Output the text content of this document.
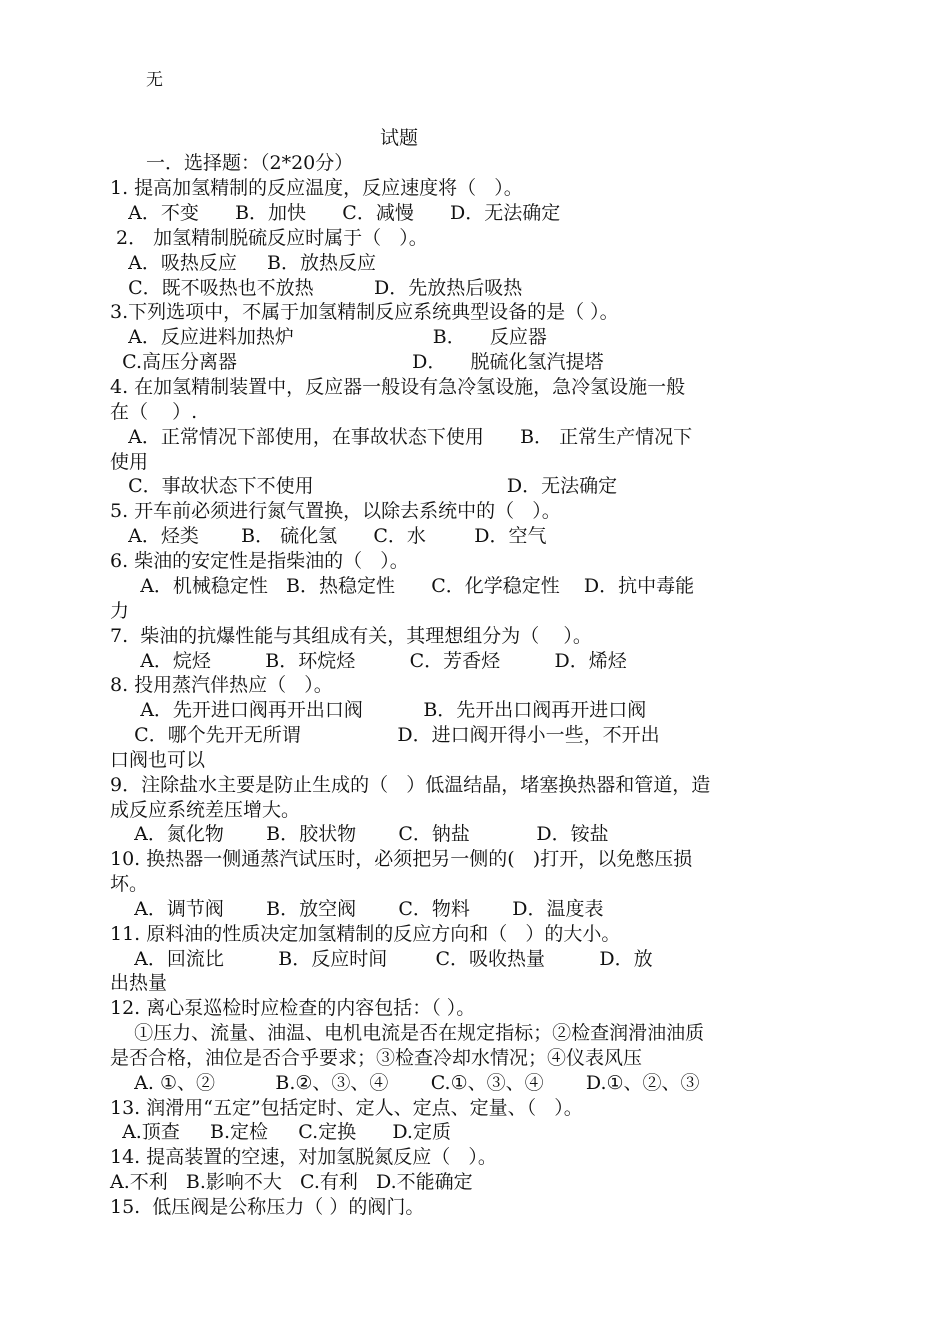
无
试题
一．选择题：（2*20分）
1. 提高加氢精制的反应温度，反应速度将（   ）。
A．不变      B．加快      C．减慢      D．无法确定
2． 加氢精制脱硫反应时属于（   ）。
A．吸热反应     B．放热反应
C．既不吸热也不放热          D．先放热后吸热
3.下列选项中，不属于加氢精制反应系统典型设备的是（ ）。
A．反应进料加热炉                       B．    反应器
C.高压分离器                             D．    脱硫化氢汽提塔
4. 在加氢精制装置中，反应器一般设有急冷氢设施，急冷氢设施一般
在（    ）.
A．正常情况下部使用，在事故状态下使用      B． 正常生产情况下
使用
C．事故状态下不使用                                D．无法确定
5. 开车前必须进行氮气置换，以除去系统中的（   ）。
A．烃类       B． 硫化氢      C．水        D．空气
6. 柴油的安定性是指柴油的（   ）。
A．机械稳定性   B．热稳定性      C．化学稳定性    D．抗中毒能
力
7.  柴油的抗爆性能与其组成有关，其理想组分为（    ）。
A．烷烃         B．环烷烃         C．芳香烃         D．烯烃
8. 投用蒸汽伴热应（   ）。
A．先开进口阀再开出口阀          B．先开出口阀再开进口阀
C．哪个先开无所谓                D．进口阀开得小一些，不开出
口阀也可以
9．注除盐水主要是防止生成的（   ）低温结晶，堵塞换热器和管道，造
成反应系统差压增大。
A．氮化物       B．胶状物       C．钠盐           D．铵盐
10. 换热器一侧通蒸汽试压时，必须把另一侧的(   )打开，以免憋压损
坏。
A．调节阀       B．放空阀       C．物料       D．温度表
11. 原料油的性质决定加氢精制的反应方向和（   ）的大小。
A．回流比         B．反应时间        C．吸收热量         D．放
出热量
12. 离心泵巡检时应检查的内容包括：（ ）。
①压力、流量、油温、电机电流是否在规定指标；②检查润滑油油质
是否合格，油位是否合乎要求；③检查冷却水情况；④仪表风压
A. ①、②          B.②、③、④       C.①、③、④       D.①、②、③
13. 润滑用“五定”包括定时、定人、定点、定量、（   ）。
A.顶查     B.定检     C.定换      D.定质
14. 提高装置的空速，对加氢脱氮反应（   ）。
A.不利   B.影响不大   C.有利   D.不能确定
15.  低压阀是公称压力（ ）的阀门。
